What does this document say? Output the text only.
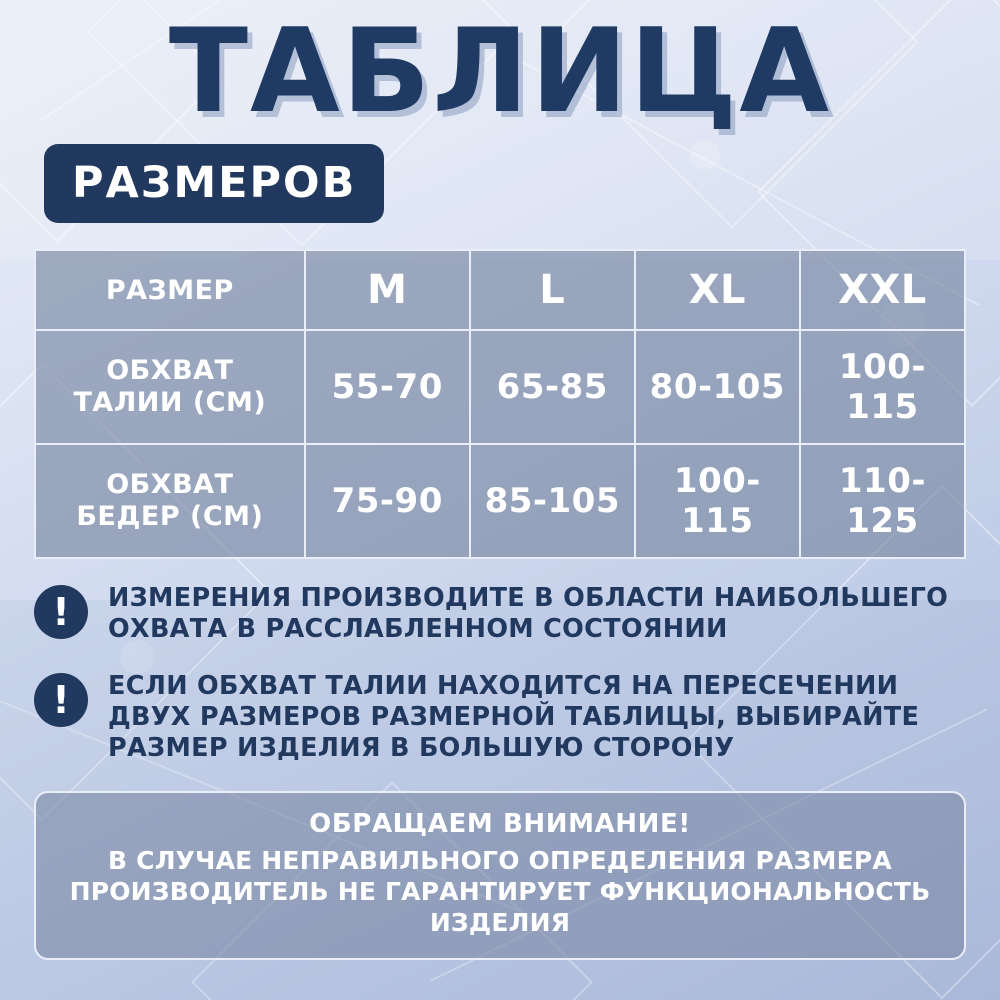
ТАБЛИЦА
РАЗМЕРОВ
РАЗМЕР	M	L	XL	XXL

ОБХВАТ
ТАЛИИ (СМ)	55-70	65-85	80-105	100-115

ОБХВАТ
БЕДЕР (СМ)	75-90	85-105	100-115	110-125
!	ИЗМЕРЕНИЯ ПРОИЗВОДИТЕ В ОБЛАСТИ НАИБОЛЬШЕГО
ОХВАТА В РАССЛАБЛЕННОМ СОСТОЯНИИ
!	ЕСЛИ ОБХВАТ ТАЛИИ НАХОДИТСЯ НА ПЕРЕСЕЧЕНИИ
ДВУХ РАЗМЕРОВ РАЗМЕРНОЙ ТАБЛИЦЫ, ВЫБИРАЙТЕ
РАЗМЕР ИЗДЕЛИЯ В БОЛЬШУЮ СТОРОНУ
ОБРАЩАЕМ ВНИМАНИЕ!
В СЛУЧАЕ НЕПРАВИЛЬНОГО ОПРЕДЕЛЕНИЯ РАЗМЕРА
ПРОИЗВОДИТЕЛЬ НЕ ГАРАНТИРУЕТ ФУНКЦИОНАЛЬНОСТЬ ИЗДЕЛИЯ
